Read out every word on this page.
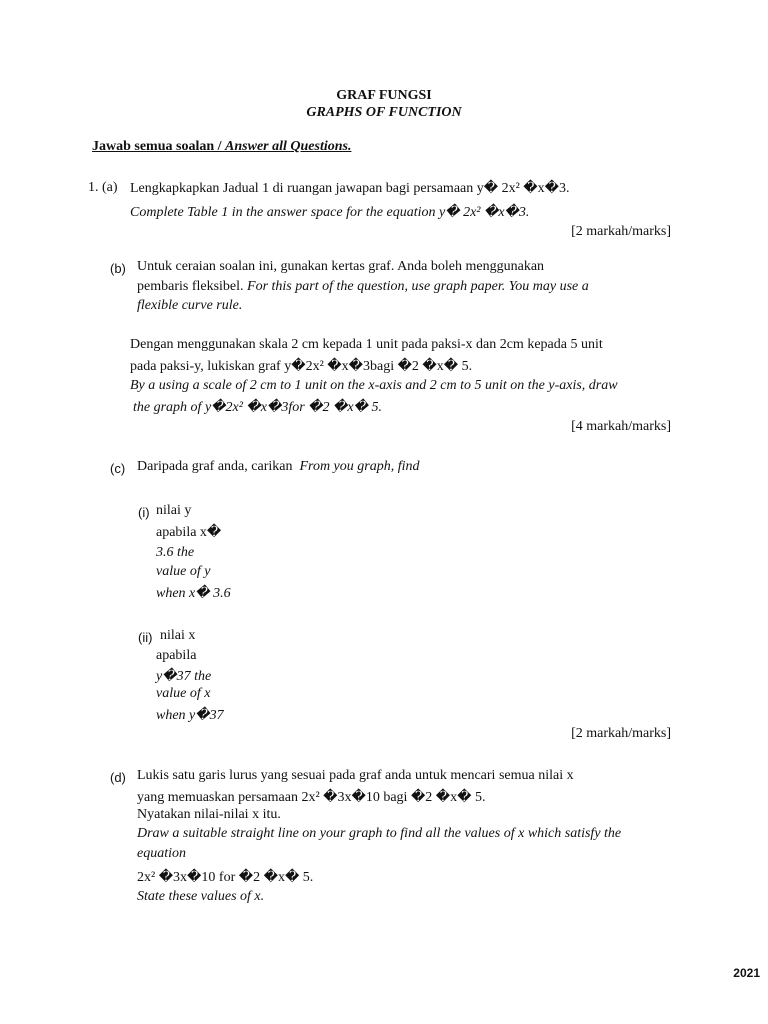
GRAF FUNGSI
GRAPHS OF FUNCTION
Jawab semua soalan / Answer all Questions.
1. (a) Lengkapkapkan Jadual 1 di ruangan jawapan bagi persamaan y� 2x² �x�3.
Complete Table 1 in the answer space for the equation y� 2x² �x�3.
[2 markah/marks]
(b) Untuk ceraian soalan ini, gunakan kertas graf. Anda boleh menggunakan
pembaris fleksibel. For this part of the question, use graph paper. You may use a
flexible curve rule.
Dengan menggunakan skala 2 cm kepada 1 unit pada paksi-x dan 2cm kepada 5 unit
pada paksi-y, lukiskan graf y�2x² �x�3bagi �2 �x� 5.
By a using a scale of 2 cm to 1 unit on the x-axis and 2 cm to 5 unit on the y-axis, draw
the graph of y�2x² �x�3for �2 �x� 5.
[4 markah/marks]
(c) Daripada graf anda, carikan From you graph, find
(i) nilai y
apabila x�
3.6 the
value of y
when x� 3.6
(ii) nilai x
apabila
y�37 the
value of x
when y�37
[2 markah/marks]
(d) Lukis satu garis lurus yang sesuai pada graf anda untuk mencari semua nilai x
yang memuaskan persamaan 2x² �3x�10 bagi �2 �x� 5.
Nyatakan nilai-nilai x itu.
Draw a suitable straight line on your graph to find all the values of x which satisfy the
equation
2x² �3x�10 for �2 �x� 5.
State these values of x.
2021
